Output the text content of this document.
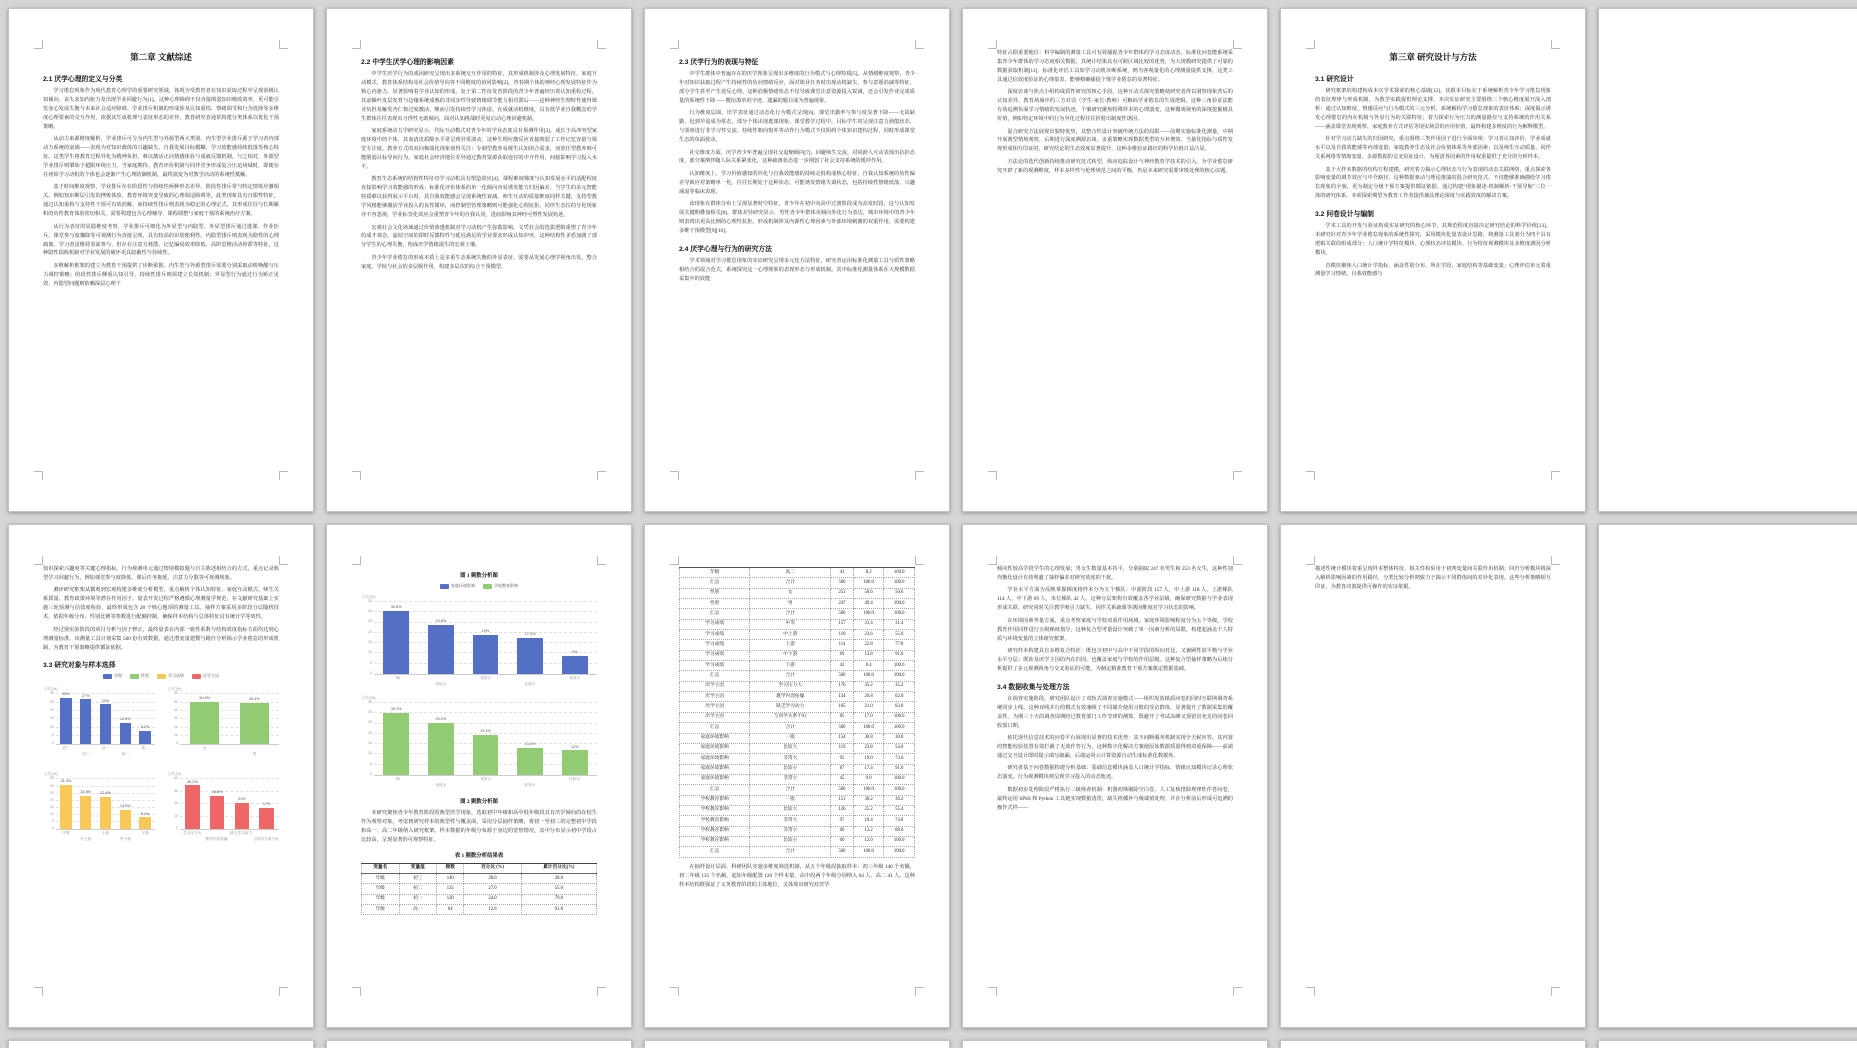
第二章 文献综述
2.1 厌学心理的定义与分类
学习倦怠现象作为现代教育心理学的重要研究领域，体现为受教育者在知识获取过程中呈现消极认知倾向、丧失求知内驱力及出现学业回避行为[1]。这种心理障碍不仅直接削弱知识吸收效率，更可能引发身心发展失衡与未来社会适应障碍。学业排斥机制的形成涉及认知重构、情绪调节和行为选择等多维度心理要素的交互作用，依据其生成机理与表征形态的差异，教育研究者通常构建分类体系以优化干预策略。
从动力来源维度解析，学业排斥可分为内生型与外源型两大类别。内生型学业排斥源于学习者内部动力系统的衰竭——表现为对知识载体的兴趣缺失、自我发展目标模糊、学习效能感持续低落等核心特征。这类学生将教育过程异化为精神负担，难以激活正向情感体验与成就反馈机制。与之相对，外源型学业排斥则肇始于超限环境压力，当家庭期待、教育评价机制与同伴竞争形成复合压迫场域时，即便存在初始学习动机的个体也会逐渐产生心理防御机制，最终演变为对教学活动的系统性抵触。
基于时间维度观察，学业排斥存在阶段性与持续性两种形态差异。阶段性排斥常与特定情境应激相关，例如知识断层引发的挫败体验、教育环境突变导致的心理调适障碍等，此类现象具有自限性特征，通过认知重构与支持性干预可有效消解。而持续性排斥则表现为稳定的心理定式，其形成往往与长期累积的负性教育体验密切相关，需要构建包含心理辅导、课程调整与家庭干预的系统治疗方案。
从行为表征的显隐维度考察，学业排斥可细化为外显型与内隐型。外显型排斥通过逃课、作业拒斥、课堂参与度骤降等可观测行为直接呈现，具有较高的识别便利性。内隐型排斥则表现为隐性的心理疏离，学习者虽维持表面参与，但存在注意力耗散、记忆编码效率降低、高阶思维活动停滞等特征，这种隐性损耗机制对学业发展的破坏更具隐蔽性与持续性。
多维解析框架的建立为教育干预提供了诊断依据。内生型与外源型排斥需要分别采取动机唤醒与压力调控策略；阶段性排斥侧重认知引导，持续性排斥则需建立长效机制；外显型行为通过行为矫正见效，内隐型问题则依赖深层心理干
2.2 中学生厌学心理的影响因素
中学生厌学行为的成因研究呈现出多系统交互作用的特征，其形成机制涉及心理发展特征、家庭互动模式、教育体系结构及社会价值导向等不同维度的协同影响[2]。青春期个体的神经心理发展特征作为核心内驱力，显著影响着学业认知的形成。处于第二性征发育阶段的青少年普遍经历着认知重构过程，其前额叶皮层发育与边缘系统成熟的非同步性导致情绪调节能力相对滞后——这种神经生理特性使得课业负担易触发杏仁核过度激活，继而引发持续性学习焦虑。在成就动机维度，具有低学业自我概念的学生群体往往表现出习得性无助倾向，面对认知挑战时更易启动心理回避机制。
家庭系统动力学研究显示，代际互动模式对青少年的学业态度具有预测作用[3]。成长于高冲突型家庭环境中的个体，其血清皮质醇水平常呈现异常波动，这种生理应激反应直接削弱了工作记忆容量与课堂专注度。教养方式的双向极端化现象值得关注：专制型教养易催生认知闭合需求，而放任型教养则可能削弱目标导向行为。家庭社会经济地位差异通过教育资源获取途径的中介作用，间接影响学习投入水平。
教育生态系统的结构性特征对学习动机具有塑造效应[4]。课程难度梯度与认知发展水平的适配程度直接影响学习效能感的形成；标准化评价体系的单一化倾向容易诱发能力归因偏差，当学生的多元智能特质难以获得展示平台时，其自我效能感会呈现系统性衰减。师生互动的质量维度同样关键，支持型教学风格能够激活学业投入的良性循环，而控制型管理策略则可能强化心理抗拒。同伴生态位的分化现象亦不容忽视，学业标签化效应会重塑青少年的自我认同，进而影响其神经可塑性发展轨迹。
宏观社会文化场域通过价值渗透机制对学习动机产生弥散影响。文凭社会的选拔逻辑重塑了青少年的成才观念，虚拟空间的即时反馈特性与延迟满足的学业要求形成认知冲突，这种结构性矛盾加剧了部分学生的心理失衡，构成厌学情绪滋生的宏观土壤。
青少年学业倦怠的形成本质上是多重生态系统失衡的外显表征，需要从发展心理学视角出发，整合家庭、学校与社会的多层级作用，构建多层次的综合干预模型。
2.3 厌学行为的表现与特征
中学生群体中普遍存在的厌学现象呈现出多维度的行为模式与心理特质[5]。从情绪维度观察，青少年对知识获取过程产生持续性的负向情绪反应，面对课业任务时出现动机缺失、参与意愿消减等特征，部分学生甚至产生逆反心理。这种消极情绪状态不仅导致课堂注意资源投入锐减，还会引发作业完成质量的系统性下降——敷衍潦草的字迹、遗漏的题目成为普遍现象。
行为维度层面，厌学表征通过动态化行为模式呈现[6]。课堂出勤率与参与度显著下降——无故缺勤、迟到早退成为常态，部分个体出现逃课现象。课堂教学过程中，目标学生常呈现注意力涣散状态，与邻座进行非学习性交流、持续性朝向窗外等动作行为模式不仅阻碍个体知识建构过程，同时形成课堂生态的负面扰动。
社交维度方面，厌学青少年普遍呈现社交退缩倾向[7]，回避师生交流，对同龄人互动表现出抗拒态度，部分案例伴随人际关系紧张化，这种疏离状态进一步削弱了社会支持系统的缓冲作用。
认知维度上，学习价值感知的异化与自我效能感的持续走低构成核心特征，自我认知系统的负性偏差导致应对策略单一化，往往长期处于这种状态，可能诱发情绪失调状态，包括持续性情绪低落、兴趣减退等临床表现。
该现象在群体分布上呈现显著时空特征。青少年在初中向高中过渡阶段成为高发时段，这与认知发展关键期叠加相关[8]。群体差异研究显示，男性青少年群体更倾向外化行为表达，城市环境中的青少年则表现出更高比例的心理性抗拒。形成机制涉及内源性心理因素与外部环境刺激的双重作用，需要构建多维干预模型[9][10]。
2.4 厌学心理与行为的研究方法
学术领域对学习倦怠现象的实证研究呈现多元化方法特征，研究者运用标准化测量工具与质性策略相结合的混合范式，系统探究这一心理现象的表现形态与形成机制。其中标准化测量体系在大规模数据采集中的效能
特征占据重要地位：科学编制的测量工具可有效捕捉青少年群体的学习态度动态，标准化问卷能系统采集青少年群体的学习态度相关数据，其统计结果具有可跨区域比较的优势，为大规模研究提供了可靠的数据获取机制[11]。标准化评估工具如学习动机诊断系统，则为客观量化的心理测量提供支撑，这类工具通过信效度验证的心理量表，能够精确捕捉个体学业倦怠的显著特征。
深度访谈与焦点小组构成质性研究的核心手段，这种互动式探究策略使研究者得以洞察现象背后的认知差异。教育场域中的三方对话（学生-家长-教师）可解码学业倦怠的生成逻辑，这种三角验证法能有效追溯负面学习情绪的发展轨迹。个案研究聚焦特殊样本的心理演变，这种微观视角的深度挖掘极具价值，例如特定环境中的行为异化过程往往折射出制度性诱因。
混合研究方法展现出独特优势，其整合性设计突破传统方法的局限——前期实施标准化测量，中期开展典型情境观察，后期进行深度溯源访谈，多重策略实现数据类型的互补增效。当量化指标与质性发现形成相互印证时，研究结论的生态效度显著提升，这种多维验证路径的科学价值日益凸显。
方法论的迭代创新持续推动研究范式转型，纵向追踪设计与神经教育学技术的引入，为学业倦怠研究开辟了新的观测维度，样本多样性与伦理规范之间的平衡，仍是未来研究需要审慎处理的核心议题。
第三章 研究设计与方法
3.1 研究设计
研究框架的构建构成本次学术探索的核心基础[12]，其根本目标在于系统解析青少年学习倦怠现象的表征规律与形成机制，为教学实践提供理论支撑。本次实证研究主要围绕三个核心维度展开深入剖析：通过认知维度、情感反应与行为模式的三元分析，系统解构学习倦怠现象的表征体系；深度揭示诱发心理倦怠的内在机制与外显行为的关联特征；着力探索行为压力的测量路径与支持系统的作用关系——涵盖课堂表现观察、家庭教养方式评估等现实场景的应用价值，最终构建多维度的行为解释模型。
针对学习动力缺失的归因研究，重点围绕三类作用因子进行全面审视：学习者认知评价、学业成就水平以及自我效能感等内部变量；家庭教养生态及社会价值体系等外部因素；以及师生互动质量、同伴关系网络等情境变量。多源数据的交叉验证设计，为厘清各因素的作用权重提供了充分的分析样本。
基于大样本数据的结构方程建模，研究着力揭示心理状态与行为表现的动态关联网络，重点探索各影响变量的调节效应与中介路径。这种数据驱动与理论推演的混合研究范式，不仅能够准确描绘学习倦怠现象的全貌，更为制定分级干预方案提供循证依据。通过构建“现象描述-机制解析-干预导航”三位一体的研究体系，本项探索期望为教育工作者提供兼具理论深度与实践效度的解决方案。
3.2 问卷设计与编制
学术工具的开发与验证构成实证研究的核心环节，其规范程度直接决定研究结论的科学价值[13]。本研究针对青少年学业倦怠现象的系统性探究，采用模块化量表设计思路，将测量工具划分为四个具有逻辑关联的组成部分：人口统计学特征模块、心理状态评估模块、行为特征观测模块及多维度诱因分析模块。
首模块聚焦人口统计学指标，涵盖性别分布、所在学段、家庭结构等基础变量；心理评估单元着重测量学习情绪、自我效能感与
知识探索兴趣度等关键心理指标。行为观测单元通过情境模拟题与自主陈述相结合的方式，重点记录典型学习回避行为，例如课堂参与度降低、课后任务拖延、注意力分散等可观测现象。
测评研究框架从微观到宏观构建多维度分析模型，重点解析个体认知特征、家庭互动模式、师生关系质量、教育政策环境等潜在作用因子。量表开发过程严格遵循心理测量学规范，在文献研究基础上实施三轮预测与信效度检验，最终形成包含 28 个核心题项的测量工具。抽样方案采用多阶段分层随机技术，依据年级分布、性别比例等参数进行配额控制，确保样本结构与总体特征具有统计学等效性。
经过预实验阶段的项目分析与因子修正，最终量表在内部一致性系数与结构效度指标方面均达到心理测量标准。该测量工具计划采集 500 份有效数据，通过潜变量建模与路径分析揭示学业倦怠的形成机制，为教育干预策略提供循证依据。
3.3 研究对象与样本选择
年级	性别	学习成绩	厌学主因
占比(%)
0
5
10
15
20
25
30 28%	27%
24%
12.8%
8.2%
初三
初二
初一
高一
高二
占比(%)
0
10
20
30
40
50
60
50.6%	49.4%
女
男
占比(%)
0
5
10
15
20
25
30
35
31.4%
23.6% 22.8%
13.8%
8.4%
中等
中上游
上游
中下游
下游
占比(%)
0
10
20
30
40
35.2%
26.8%
21%
17%
学习压力大
教学内容枯燥
缺乏学习动力
与同学关系不好
图 1 频数分析图
家庭环境影响	学校教育影响
占比(%)
0
5
10
15
20
25
30
35
30.8%
23.8%
19%
17.4%
9%
一般
比较大
非常大
比较小
非常小
占比(%)
0
5
10
15
20
25
30
35
30.2%
25.2%
19.4%
13.2%
12%
一般
比较大
非常大
非常小
比较小
图 2 频数分析图
本研究聚焦青少年教育阶段的典型厌学现象，选取初中年级和高中低年级段具有厌学倾向的在校生作为观察对象。考虑到研究样本的典型性与覆盖面，采用分层抽样策略，将初一至初三的完整初中学段和高一、高二年级纳入研究框架。样本数据的年级分布源于身边的觉察情况，其中分布显示初中学段占比较高，呈现显著的可观察特征。
表 1 频数分析结果表
变量名	变量值	频数	百分比 (%)	累计百分比(%)
年级	初三	140	28.0	28.0
年级	初二	135	27.0	55.0
年级	初一	120	24.0	79.0
年级	高一	64	12.8	91.8
年级	高二	41	8.2	100.0
汇总	合计	500	100.0	100.0
性别	女	253	50.6	50.6
性别	男	247	49.4	100.0
汇总	合计	500	100.0	100.0
学习成绩	中等	157	31.4	31.4
学习成绩	中上游	118	23.6	55.0
学习成绩	上游	114	22.8	77.8
学习成绩	中下游	69	13.8	91.6
学习成绩	下游	42	8.4	100.0
汇总	合计	500	100.0	100.0
厌学主因	学习压力大	176	35.2	35.2
厌学主因	教学内容枯燥	134	26.8	62.0
厌学主因	缺乏学习动力	105	21.0	83.0
厌学主因	与同学关系不好	85	17.0	100.0
汇总	合计	500	100.0	100.0
家庭环境影响	一般	154	30.8	30.8
家庭环境影响	比较大	119	23.8	54.6
家庭环境影响	非常大	95	19.0	73.6
家庭环境影响	比较小	87	17.4	91.0
家庭环境影响	非常小	45	9.0	100.0
汇总	合计	500	100.0	100.0
学校教育影响	一般	151	30.2	30.2
学校教育影响	比较大	126	25.2	55.4
学校教育影响	非常大	97	19.4	74.8
学校教育影响	非常小	66	13.2	88.0
学校教育影响	比较小	60	12.0	100.0
汇总	合计	500	100.0	100.0
在抽样设计层面，科研团队实施多维度筛选机制，从五个年级段抽取样本：初三年级 140 个名额，初二年级 135 个名额，起始年级配置 120 个样本量，高中段两个年级分别纳入 64 人、高二 41 人。这种样本结构既保证了义务教育阶段的主体地位，又体现出研究对厌学
倾向性较高学段学生的心理发展；男女生数量基本持平，分别抽取 247 名男生和 253 名女生，这种性别均衡化设计有效规避了抽样偏差对研究效度的干扰。
学业水平方面为反映掌握梯度将样本分为五个梯队：中游阶段 157 人，中上游 118 人，上游梯队 114 人，中下游 69 人，末位梯队 42 人。这种分层架构有效覆盖各学业层级，确保研究数据与学业表现形成关联。研究同时关注教学吸引力缺失、同伴关系疏离等诱因维度对学习状态的影响。
在环境因素考量方面，重点考察家庭与学校双重作用场域。家庭环境影响程度分为五个等级，学校教育作用同样进行五级梯度划分，这种复合型考量设计突破了单一因素分析的局限，构建起涵盖个人特质与环境变量的立体研究框架。
研究样本构建具有多维复合特征：既包含初中与高中不同学段的纵向对比，又兼顾性别平衡与学业水平分层；既涉及厌学主因的内在归因，也覆盖家庭与学校的作用层级。这种复合型抽样策略为后续分析提供了多元观测视角与交叉验证的可能，为制定精准教育干预方案奠定数据基础。
3.4 数据收集与处理方法
在调查实施阶段，研究团队设计了双轨式调查实施模式——组织发放纸质问卷的同时互联网调查系统同步上线，这种双线并行的模式有效兼顾了不同媒介使用习惯的受访群体，显著提升了数据采集的覆盖性。为期三十天的调查周期经过教育部门工作节律的测算，既避开了考试高峰又预留出充足的问卷回收窗口期。
依托现代信息技术的问卷平台展现出显著的技术优势：其不间断服务机制实现全天候应答，其内置的智能校验装置有效拦截了无效作答行为，这种数字化解决方案使原始数据质量得到双重保障——前端通过交互设计即时提示填写疏漏，后端运用云计算资源自动生成标准化数据库。
研究者基于问卷数据构建分析基础：基础信息模块涵盖人口统计学指标、情绪认知模块记录心理状态演变，行为观测模块则呈现学习投入的动态轨迹。
数据初步处理阶段严格执行三级筛查机制：机器初筛剔除空白卷、人工复核排除规律性作答问卷，最终运用 SPSS 和 Python 工具链实现数据清洗、缺失值插补与极端值处理，并在分析前后形成可追溯的操作式样——
描述性统计模块着重呈现样本整体特征，相关性检验用于初判变量间关联作用机制；回归分析模块将深入解析影响因素的作用路径，分类比较分析则致力于揭示不同群体间的差异化表现。这些分析策略相互印证，为教育决策提供可操作的实证依据。
